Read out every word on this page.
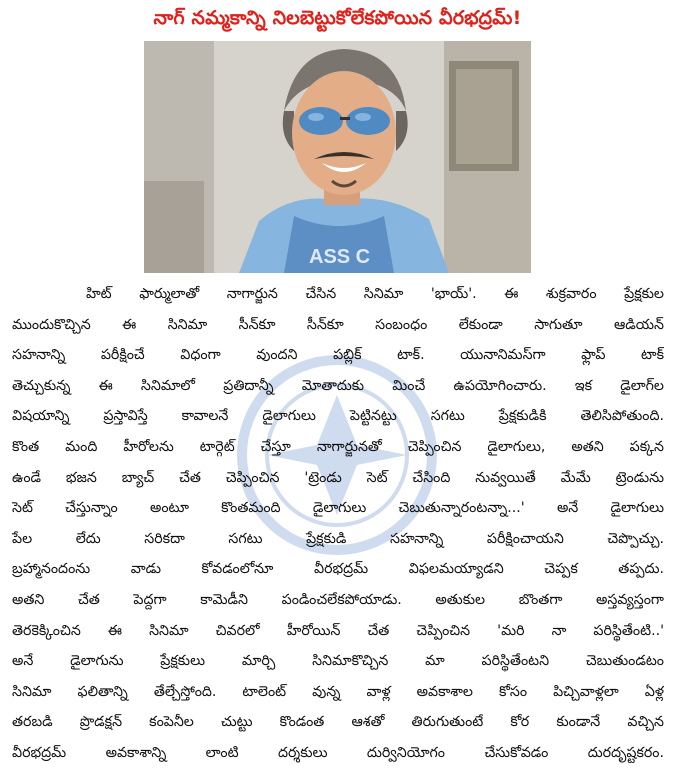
నాగ్ నమ్మకాన్ని నిలబెట్టుకోలేకపోయిన వీరభద్రమ్!
ASS C
హిట్ ఫార్ములాతో నాగార్జున చేసిన సినిమా 'భాయ్'. ఈ శుక్రవారం ప్రేక్షకుల
ముందుకొచ్చిన ఈ సినిమా సీన్‌కూ సీన్‌కూ సంబంధం లేకుండా సాగుతూ ఆడియన్
సహనాన్ని పరీక్షించే విధంగా వుందని పబ్లిక్ టాక్. యునానిమస్‌గా ఫ్లాప్ టాక్
తెచ్చుకున్న ఈ సినిమాలో ప్రతిదాన్నీ మోతాదుకు మించే ఉపయోగించారు. ఇక డైలాగ్‌ల
విషయాన్ని ప్రస్తావిస్తే కావాలనే డైలాగులు పెట్టినట్టు సగటు ప్రేక్షకుడికి తెలిసిపోతుంది.
కొంత మంది హీరోలను టార్గెట్ చేస్తూ నాగార్జునతో చెప్పించిన డైలాగులు, అతని పక్కన
ఉండే భజన బ్యాచ్ చేత చెప్పించిన 'ట్రెండు సెట్ చేసింది నువ్వయితే మేమే ట్రెండును
సెట్ చేస్తున్నాం అంటూ కొంతమంది డైలాగులు చెబుతున్నారంటన్నా...' అనే డైలాగులు
పేల లేదు సరికదా సగటు ప్రేక్షకుడి సహనాన్ని పరీక్షించాయని చెప్పొచ్చు.
బ్రహ్మానందంను వాడు కోవడంలోనూ వీరభద్రమ్ విఫలమయ్యాడని చెప్పక తప్పదు.
అతని చేత పెద్దగా కామెడీని పండించలేకపోయాడు. అతుకుల బొంతగా అస్తవ్యస్తంగా
తెరకెక్కించిన ఈ సినిమా చివరలో హీరోయిన్ చేత చెప్పించిన 'మరి నా పరిస్థితేంటి..'
అనే డైలాగును ప్రేక్షకులు మార్చి సినిమాకొచ్చిన మా పరిస్థితేంటని చెబుతుండటం
సినిమా ఫలితాన్ని తేల్చేస్తోంది. టాలెంట్ వున్న వాళ్ల అవకాశాల కోసం పిచ్చివాళ్లలా ఏళ్ల
తరబడి ప్రొడక్షన్ కంపెనీల చుట్టు కొండంత ఆశతో తిరుగుతుంటే కోర కుండానే వచ్చిన
వీరభద్రమ్ అవకాశాన్ని లాంటి దర్శకులు దుర్వినియోగం చేసుకోవడం దురదృష్టకరం.
